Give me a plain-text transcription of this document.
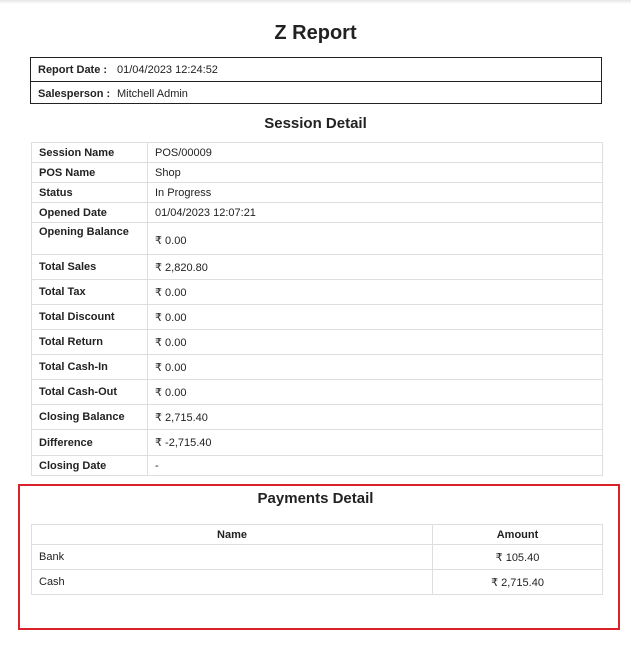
Z Report
Report Date : 01/04/2023 12:24:52
Salesperson : Mitchell Admin
Session Detail
Session Name	POS/00009
POS Name	Shop
Status	In Progress
Opened Date	01/04/2023 12:07:21
Opening Balance	₹ 0.00
Total Sales	₹ 2,820.80
Total Tax	₹ 0.00
Total Discount	₹ 0.00
Total Return	₹ 0.00
Total Cash-In	₹ 0.00
Total Cash-Out	₹ 0.00
Closing Balance	₹ 2,715.40
Difference	₹ -2,715.40
Closing Date	-
Payments Detail
Name	Amount
Bank	₹ 105.40
Cash	₹ 2,715.40
